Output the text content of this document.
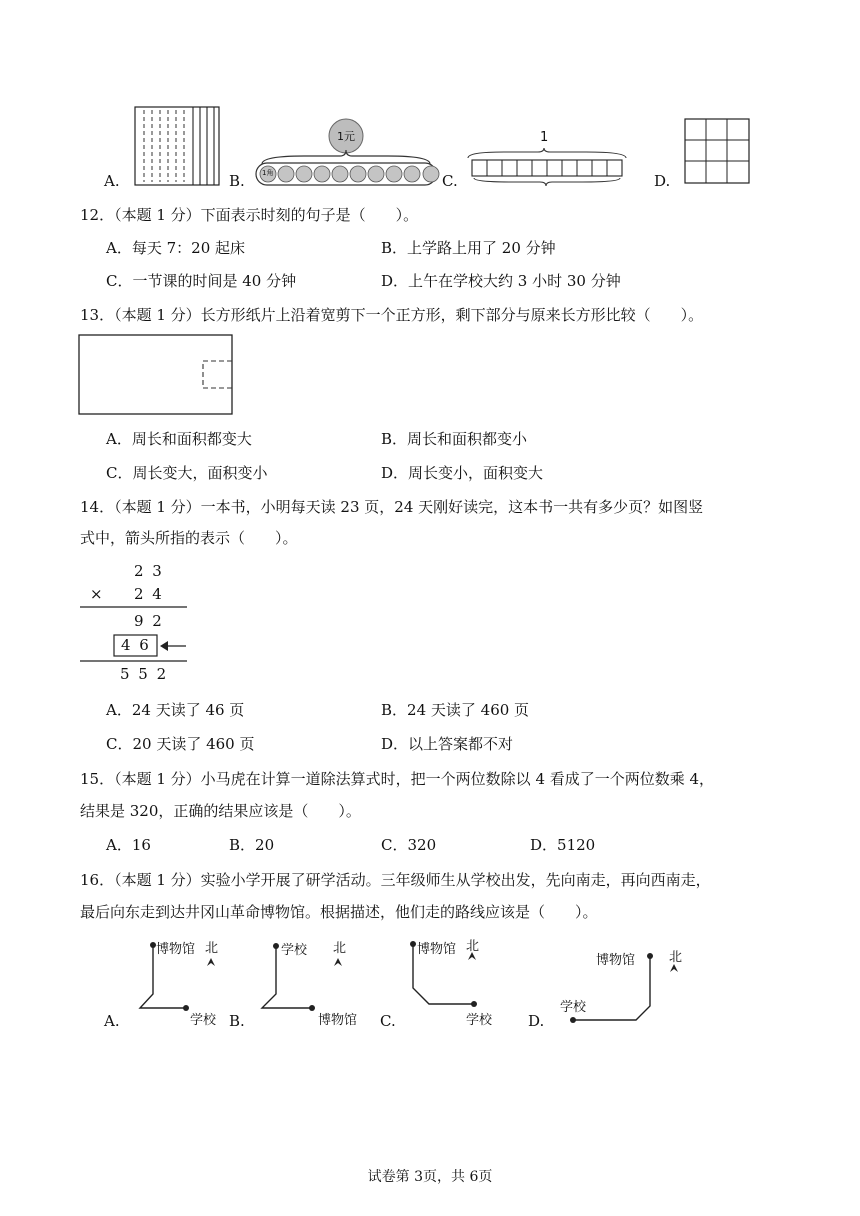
A.	B.
1元
1角	C.
1
D.
12．（本题 1 分）下面表示时刻的句子是（　　）。
A．每天 7：20 起床	B．上学路上用了 20 分钟
C．一节课的时间是 40 分钟	D．上午在学校大约 3 小时 30 分钟
13．（本题 1 分）长方形纸片上沿着宽剪下一个正方形，剩下部分与原来长方形比较（　　）。
A．周长和面积都变大	B．周长和面积都变小
C．周长变大，面积变小	D．周长变小，面积变大
14．（本题 1 分）一本书，小明每天读 23 页，24 天刚好读完，这本书一共有多少页？如图竖
式中，箭头所指的表示（　　）。
2 3
× 2 4
9 2
4 6
5 5 2
A．24 天读了 46 页	B．24 天读了 460 页
C．20 天读了 460 页	D．以上答案都不对
15．（本题 1 分）小马虎在计算一道除法算式时，把一个两位数除以 4 看成了一个两位数乘 4，
结果是 320，正确的结果应该是（　　）。
A．16	B．20	C．320	D．5120
16．（本题 1 分）实验小学开展了研学活动。三年级师生从学校出发，先向南走，再向西南走，
最后向东走到达井冈山革命博物馆。根据描述，他们走的路线应该是（　　）。
A.
博物馆 北
学校 B.
学校 北
博物馆 C.
博物馆 北
学校 D.
博物馆	北
学校
试卷第 3页，共 6页
